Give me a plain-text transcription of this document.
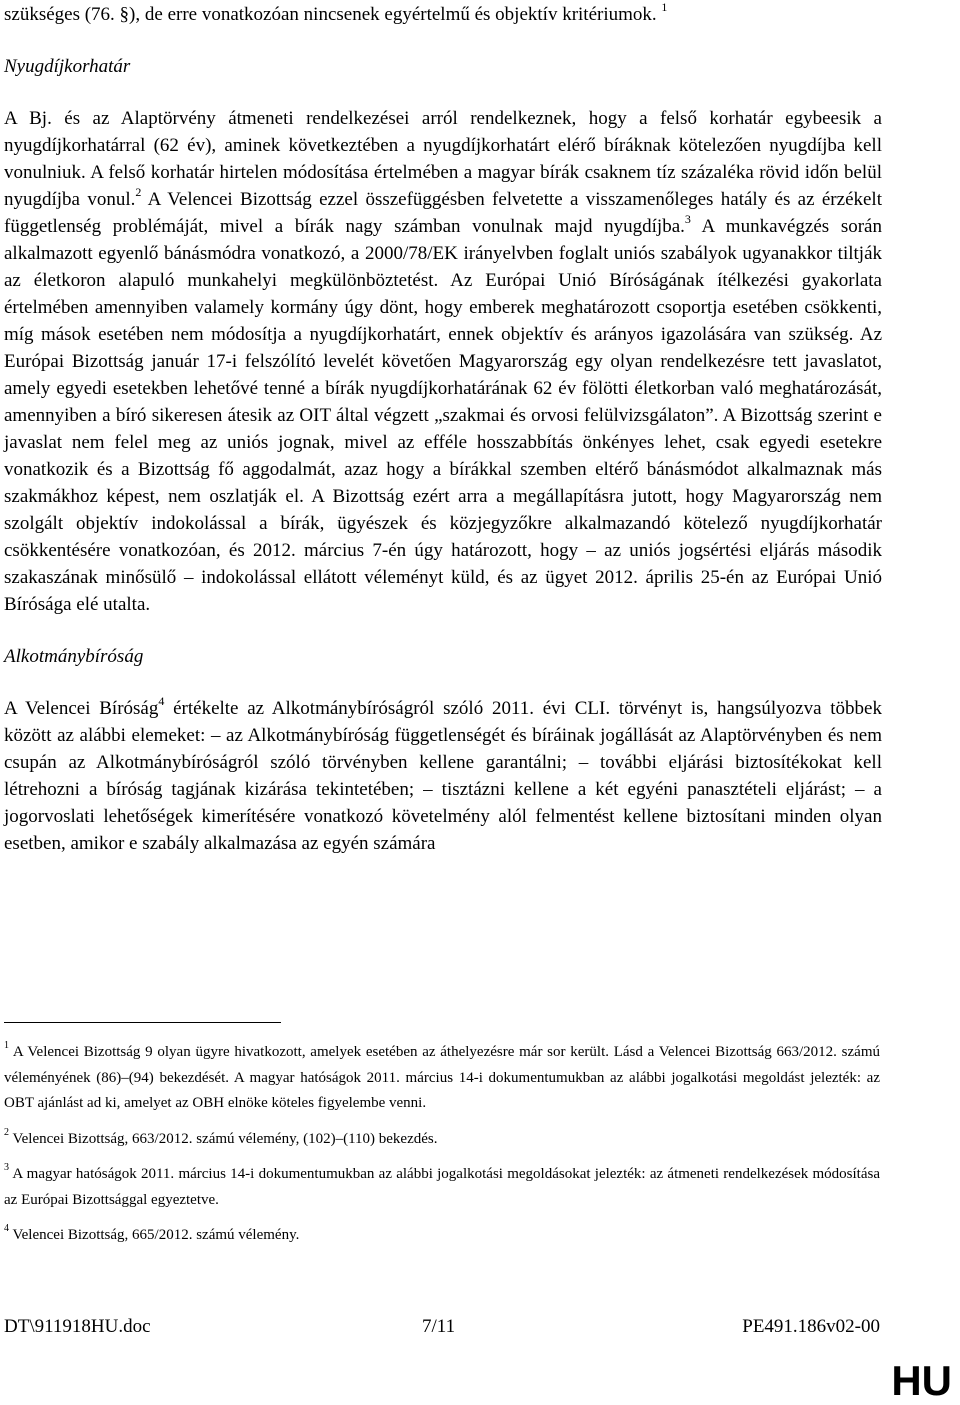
szükséges (76. §), de erre vonatkozóan nincsenek egyértelmű és objektív kritériumok. $^1$

Nyugdíjkorhatár

A Bj. és az Alaptörvény átmeneti rendelkezései arról rendelkeznek, hogy a felső korhatár egybeesik a nyugdíjkorhatárral (62 év), aminek következtében a nyugdíjkorhatárt elérő bíráknak kötelezően nyugdíjba kell vonulniuk. A felső korhatár hirtelen módosítása értelmében a magyar bírák csaknem tíz százaléka rövid időn belül nyugdíjba vonul.$^2$ A Velencei Bizottság ezzel összefüggésben felvetette a visszamenőleges hatály és az érzékelt függetlenség problémáját, mivel a bírák nagy számban vonulnak majd nyugdíjba.$^3$ A munkavégzés során alkalmazott egyenlő bánásmódra vonatkozó, a 2000/78/EK irányelvben foglalt uniós szabályok ugyanakkor tiltják az életkoron alapuló munkahelyi megkülönböztetést. Az Európai Unió Bíróságának ítélkezési gyakorlata értelmében amennyiben valamely kormány úgy dönt, hogy emberek meghatározott csoportja esetében csökkenti, míg mások esetében nem módosítja a nyugdíjkorhatárt, ennek objektív és arányos igazolására van szükség. Az Európai Bizottság január 17-i felszólító levelét követően Magyarország egy olyan rendelkezésre tett javaslatot, amely egyedi esetekben lehetővé tenné a bírák nyugdíjkorhatárának 62 év fölötti életkorban való meghatározását, amennyiben a bíró sikeresen átesik az OIT által végzett „szakmai és orvosi felülvizsgálaton”. A Bizottság szerint e javaslat nem felel meg az uniós jognak, mivel az efféle hosszabbítás önkényes lehet, csak egyedi esetekre vonatkozik és a Bizottság fő aggodalmát, azaz hogy a bírákkal szemben eltérő bánásmódot alkalmaznak más szakmákhoz képest, nem oszlatják el. A Bizottság ezért arra a megállapításra jutott, hogy Magyarország nem szolgált objektív indokolással a bírák, ügyészek és közjegyzőkre alkalmazandó kötelező nyugdíjkorhatár csökkentésére vonatkozóan, és 2012. március 7-én úgy határozott, hogy – az uniós jogsértési eljárás második szakaszának minősülő – indokolással ellátott véleményt küld, és az ügyet 2012. április 25-én az Európai Unió Bírósága elé utalta.

Alkotmánybíróság

A Velencei Bíróság$^4$ értékelte az Alkotmánybíróságról szóló 2011. évi CLI. törvényt is, hangsúlyozva többek között az alábbi elemeket: – az Alkotmánybíróság függetlenségét és bíráinak jogállását az Alaptörvényben és nem csupán az Alkotmánybíróságról szóló törvényben kellene garantálni; – további eljárási biztosítékokat kell létrehozni a bíróság tagjának kizárása tekintetében; – tisztázni kellene a két egyéni panasztételi eljárást; – a jogorvoslati lehetőségek kimerítésére vonatkozó követelmény alól felmentést kellene biztosítani minden olyan esetben, amikor e szabály alkalmazása az egyén számára

$^1$ A Velencei Bizottság 9 olyan ügyre hivatkozott, amelyek esetében az áthelyezésre már sor került. Lásd a Velencei Bizottság 663/2012. számú véleményének (86)–(94) bekezdését. A magyar hatóságok 2011. március 14-i dokumentumukban az alábbi jogalkotási megoldást jelezték: az OBT ajánlást ad ki, amelyet az OBH elnöke köteles figyelembe venni.

$^2$ Velencei Bizottság, 663/2012. számú vélemény, (102)–(110) bekezdés.

$^3$ A magyar hatóságok 2011. március 14-i dokumentumukban az alábbi jogalkotási megoldásokat jelezték: az átmeneti rendelkezések módosítása az Európai Bizottsággal egyeztetve.

$^4$ Velencei Bizottság, 665/2012. számú vélemény.

DT\911918HU.doc	7/11	PE491.186v02-00
HU
